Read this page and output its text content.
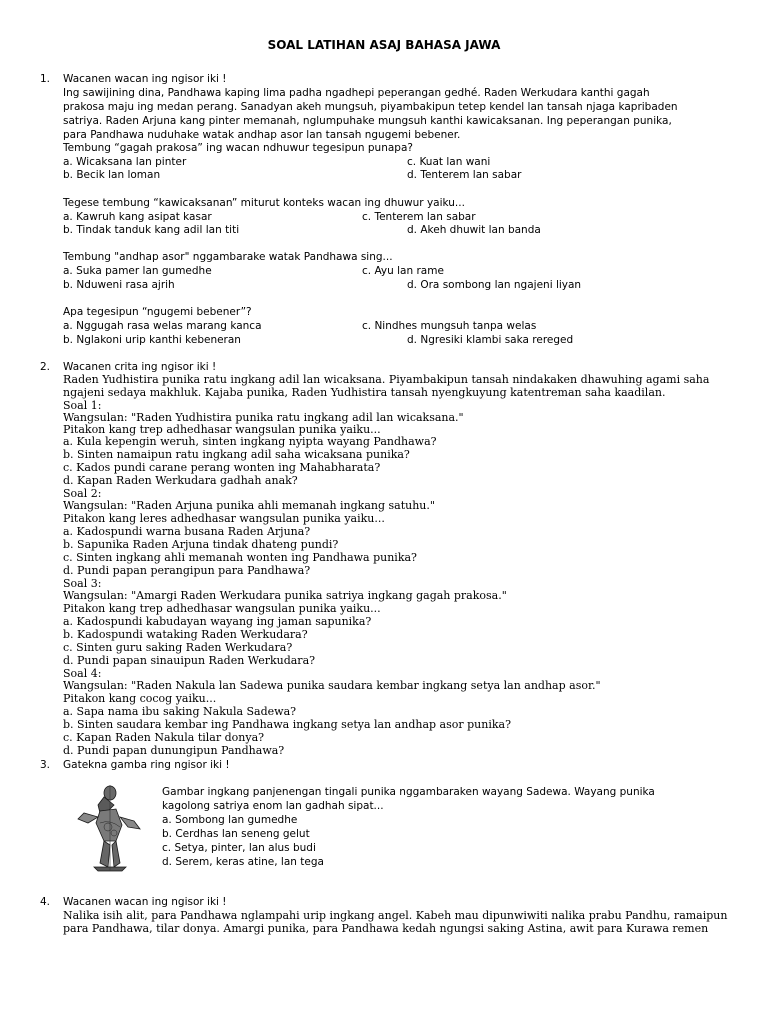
SOAL LATIHAN ASAJ BAHASA JAWA
1. Wacanen wacan ing ngisor iki !
Ing sawijining dina, Pandhawa kaping lima padha ngadhepi peperangan gedhé. Raden Werkudara kanthi gagah
prakosa maju ing medan perang. Sanadyan akeh mungsuh, piyambakipun tetep kendel lan tansah njaga kapribaden
satriya. Raden Arjuna kang pinter memanah, nglumpuhake mungsuh kanthi kawicaksanan. Ing peperangan punika,
para Pandhawa nuduhake watak andhap asor lan tansah ngugemi bebener.
Tembung “gagah prakosa” ing wacan ndhuwur tegesipun punapa?
a. Wicaksana lan pinter	c. Kuat lan wani
b. Becik lan loman	d. Tenterem lan sabar
Tegese tembung “kawicaksanan” miturut konteks wacan ing dhuwur yaiku...
a. Kawruh kang asipat kasar	c. Tenterem lan sabar
b. Tindak tanduk kang adil lan titi	d. Akeh dhuwit lan banda
Tembung "andhap asor" nggambarake watak Pandhawa sing...
a. Suka pamer lan gumedhe	c. Ayu lan rame
b. Nduweni rasa ajrih	d. Ora sombong lan ngajeni liyan
Apa tegesipun “ngugemi bebener”?
a. Nggugah rasa welas marang kanca	c. Nindhes mungsuh tanpa welas
b. Nglakoni urip kanthi kebeneran	d. Ngresiki klambi saka rereged
2. Wacanen crita ing ngisor iki !
Raden Yudhistira punika ratu ingkang adil lan wicaksana. Piyambakipun tansah nindakaken dhawuhing agami saha
ngajeni sedaya makhluk. Kajaba punika, Raden Yudhistira tansah nyengkuyung katentreman saha kaadilan.
Soal 1:
Wangsulan: "Raden Yudhistira punika ratu ingkang adil lan wicaksana."
Pitakon kang trep adhedhasar wangsulan punika yaiku...
a. Kula kepengin weruh, sinten ingkang nyipta wayang Pandhawa?
b. Sinten namaipun ratu ingkang adil saha wicaksana punika?
c. Kados pundi carane perang wonten ing Mahabharata?
d. Kapan Raden Werkudara gadhah anak?
Soal 2:
Wangsulan: "Raden Arjuna punika ahli memanah ingkang satuhu."
Pitakon kang leres adhedhasar wangsulan punika yaiku...
a. Kadospundi warna busana Raden Arjuna?
b. Sapunika Raden Arjuna tindak dhateng pundi?
c. Sinten ingkang ahli memanah wonten ing Pandhawa punika?
d. Pundi papan perangipun para Pandhawa?
Soal 3:
Wangsulan: "Amargi Raden Werkudara punika satriya ingkang gagah prakosa."
Pitakon kang trep adhedhasar wangsulan punika yaiku...
a. Kadospundi kabudayan wayang ing jaman sapunika?
b. Kadospundi wataking Raden Werkudara?
c. Sinten guru saking Raden Werkudara?
d. Pundi papan sinauipun Raden Werkudara?
Soal 4:
Wangsulan: "Raden Nakula lan Sadewa punika saudara kembar ingkang setya lan andhap asor."
Pitakon kang cocog yaiku...
a. Sapa nama ibu saking Nakula Sadewa?
b. Sinten saudara kembar ing Pandhawa ingkang setya lan andhap asor punika?
c. Kapan Raden Nakula tilar donya?
d. Pundi papan dunungipun Pandhawa?
3. Gatekna gamba ring ngisor iki !
Gambar ingkang panjenengan tingali punika nggambaraken wayang Sadewa. Wayang punika
kagolong satriya enom lan gadhah sipat...
a. Sombong lan gumedhe
b. Cerdhas lan seneng gelut
c. Setya, pinter, lan alus budi
d. Serem, keras atine, lan tega
4. Wacanen wacan ing ngisor iki !
Nalika isih alit, para Pandhawa nglampahi urip ingkang angel. Kabeh mau dipunwiwiti nalika prabu Pandhu, ramaipun
para Pandhawa, tilar donya. Amargi punika, para Pandhawa kedah ngungsi saking Astina, awit para Kurawa remen
